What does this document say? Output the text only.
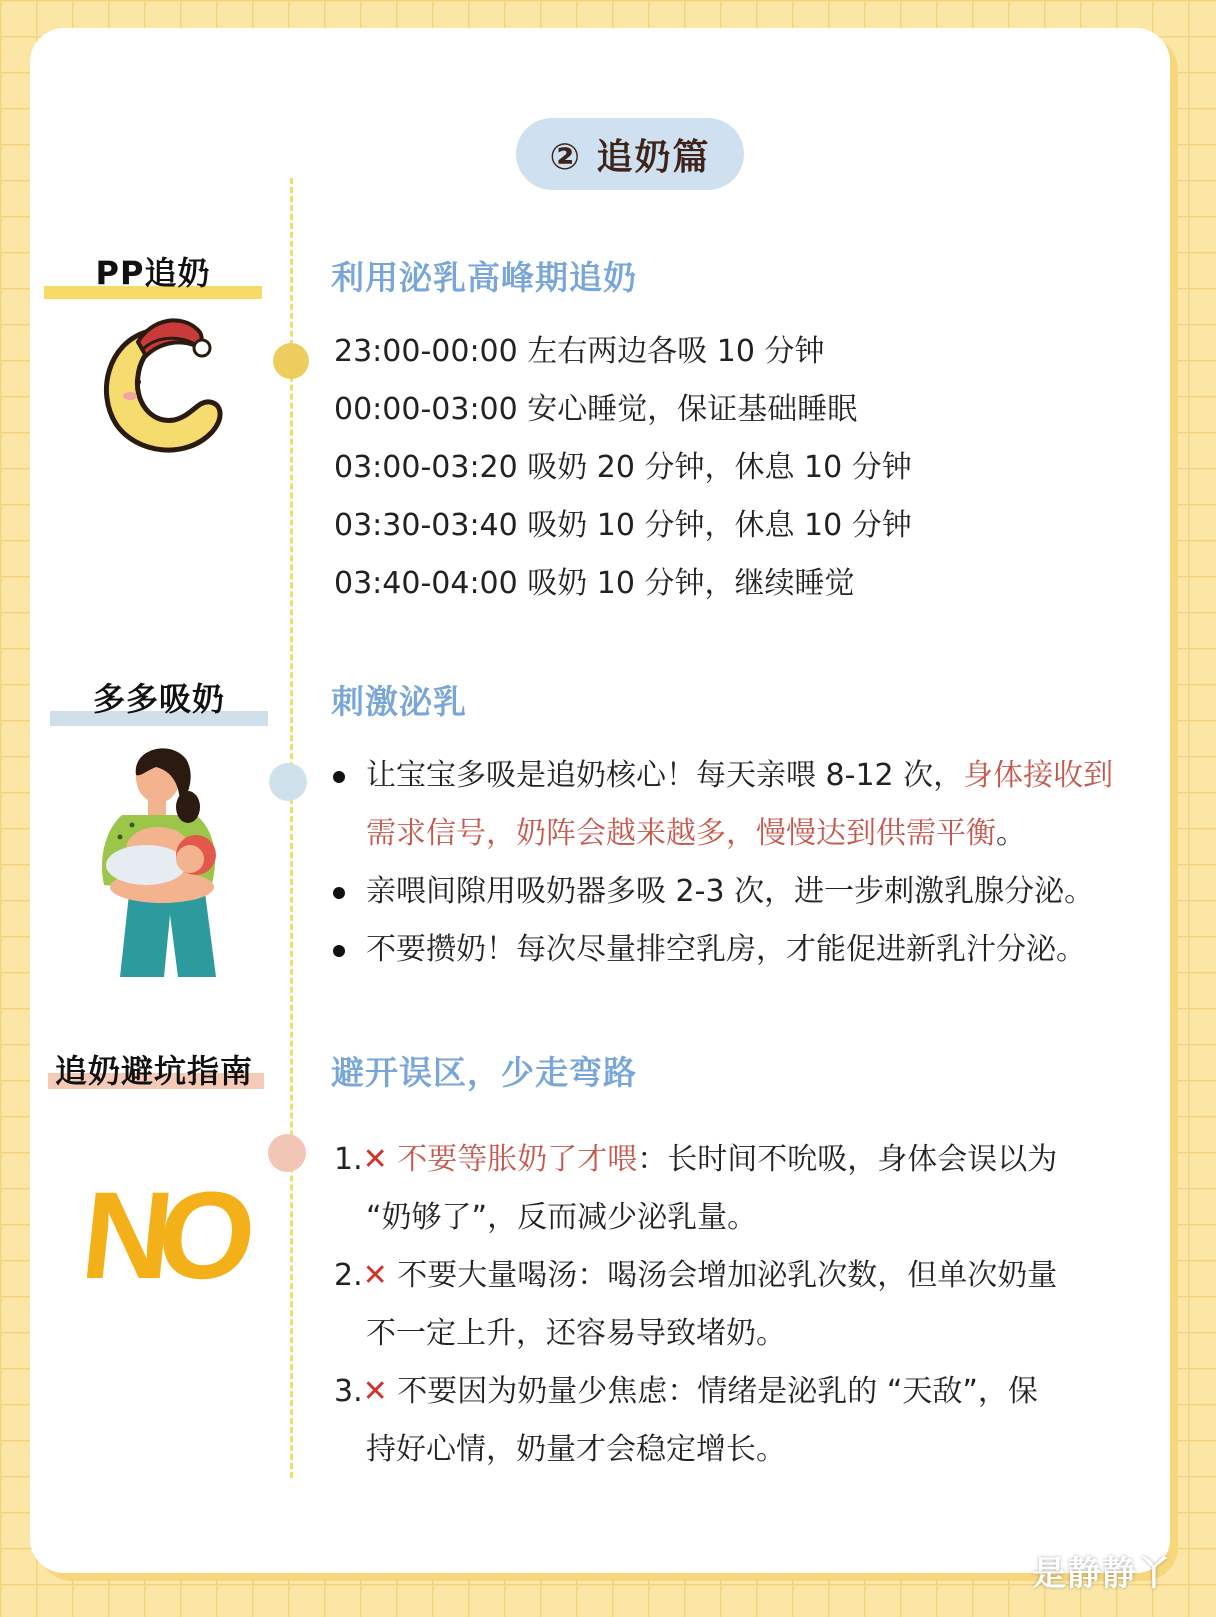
② 追奶篇
PP追奶	利用泌乳高峰期追奶
23:00-00:00 左右两边各吸 10 分钟
00:00-03:00 安心睡觉，保证基础睡眠
03:00-03:20 吸奶 20 分钟，休息 10 分钟
03:30-03:40 吸奶 10 分钟，休息 10 分钟
03:40-04:00 吸奶 10 分钟，继续睡觉
多多吸奶	刺激泌乳
让宝宝多吸是追奶核心！每天亲喂 8-12 次，身体接收到需求信号，奶阵会越来越多，慢慢达到供需平衡。
亲喂间隙用吸奶器多吸 2-3 次，进一步刺激乳腺分泌。
不要攒奶！每次尽量排空乳房，才能促进新乳汁分泌。
追奶避坑指南	避开误区，少走弯路
NO
1.✕ 不要等胀奶了才喂：长时间不吮吸，身体会误以为
“奶够了”，反而减少泌乳量。
2.✕ 不要大量喝汤：喝汤会增加泌乳次数，但单次奶量
不一定上升，还容易导致堵奶。
3.✕ 不要因为奶量少焦虑：情绪是泌乳的 “天敌”，保
持好心情，奶量才会稳定增长。
是静静丫
